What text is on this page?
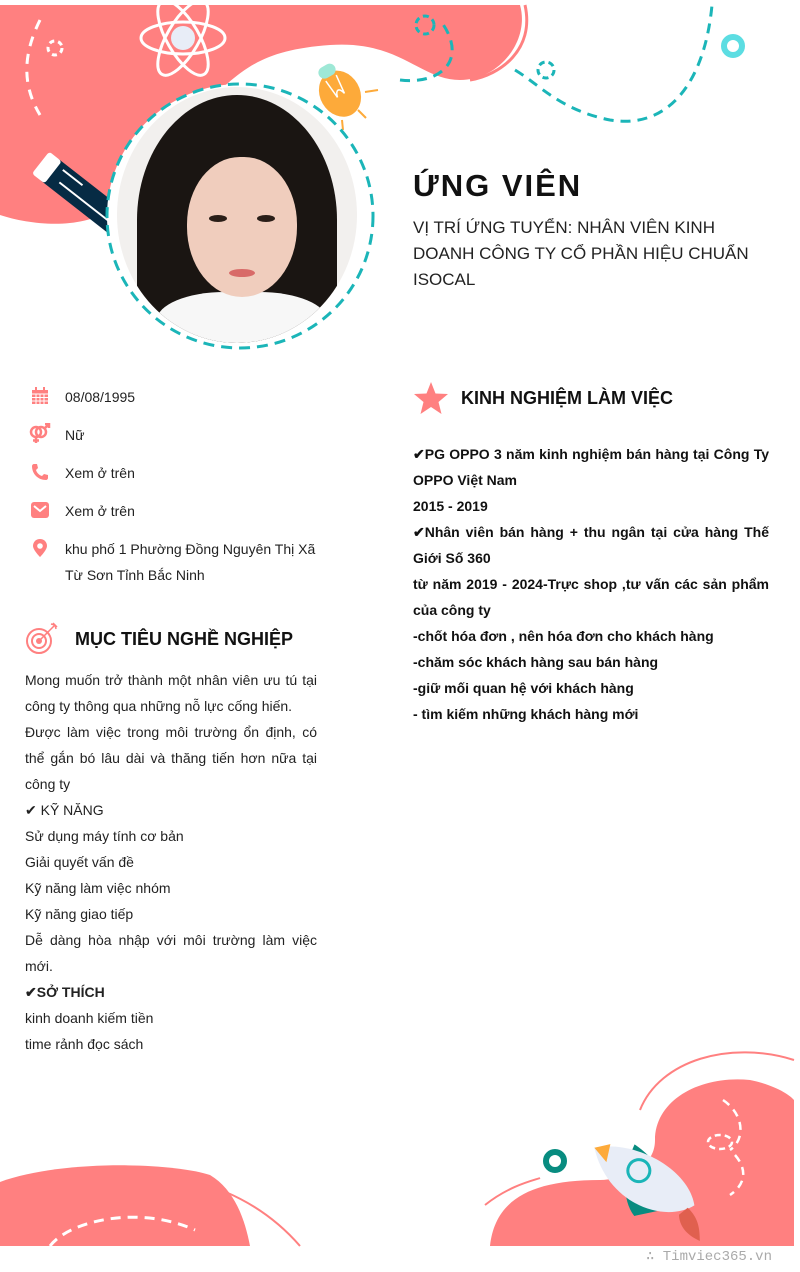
ỨNG VIÊN
VỊ TRÍ ỨNG TUYỂN: NHÂN VIÊN KINH DOANH CÔNG TY CỔ PHẦN HIỆU CHUẨN ISOCAL
08/08/1995
Nữ
Xem ở trên
Xem ở trên
khu phố 1 Phường Đồng Nguyên Thị Xã Từ Sơn Tỉnh Bắc Ninh
MỤC TIÊU NGHỀ NGHIỆP
Mong muốn trở thành một nhân viên ưu tú tại công ty thông qua những nỗ lực cống hiến.
Được làm việc trong môi trường ổn định, có thể gắn bó lâu dài và thăng tiến hơn nữa tại công ty
✔ KỸ NĂNG
Sử dụng máy tính cơ bản
Giải quyết vấn đề
Kỹ năng làm việc nhóm
Kỹ năng giao tiếp
Dễ dàng hòa nhập với môi trường làm việc mới.
✔SỞ THÍCH
kinh doanh kiếm tiền
time rảnh đọc sách
KINH NGHIỆM LÀM VIỆC
✔PG OPPO 3 năm kinh nghiệm bán hàng tại Công Ty OPPO Việt Nam
2015 - 2019
✔Nhân viên bán hàng + thu ngân tại cửa hàng Thế Giới Số 360
từ năm 2019 - 2024-Trực shop ,tư vấn các sản phẩm của công ty
-chốt hóa đơn , nên hóa đơn cho khách hàng
-chăm sóc khách hàng sau bán hàng
-giữ mối quan hệ với khách hàng
- tìm kiếm những khách hàng mới
∴ Timviec365.vn
